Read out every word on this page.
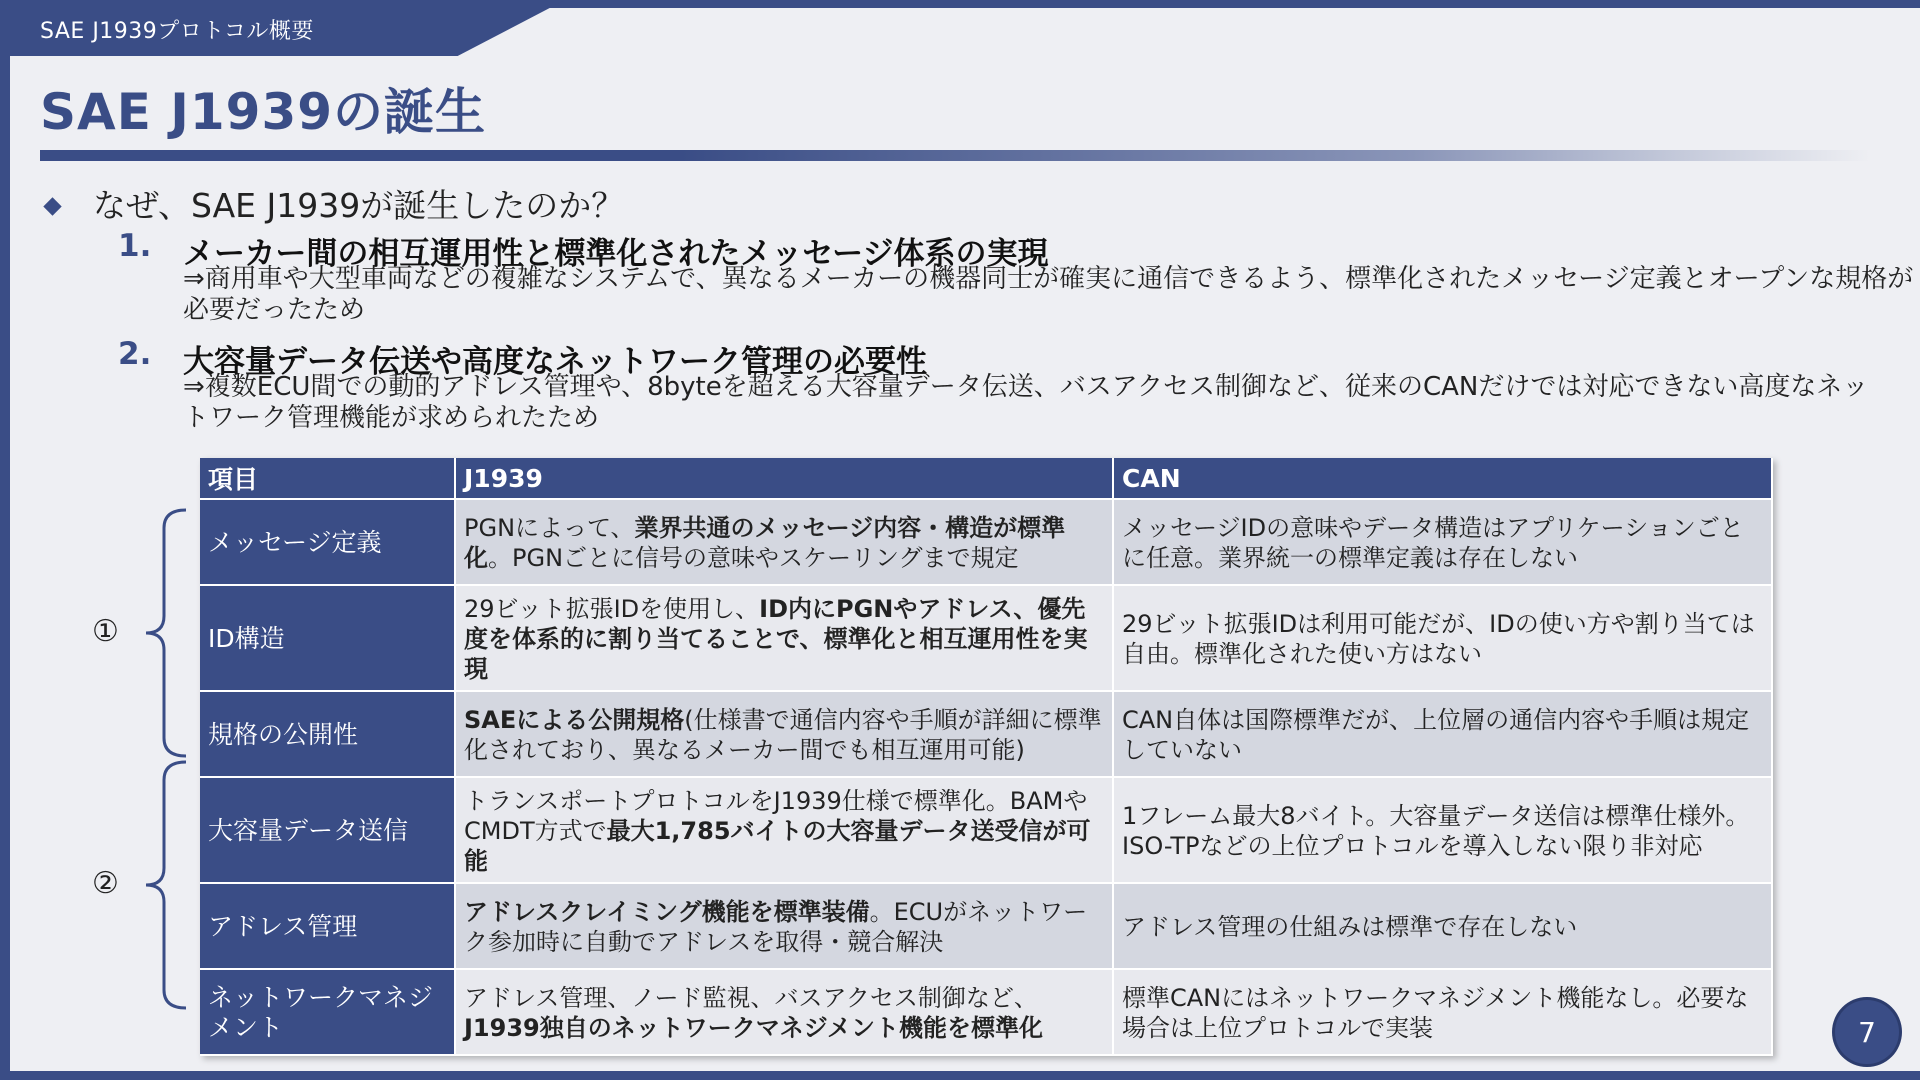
SAE J1939プロトコル概要
SAE J1939の誕生
なぜ、SAE J1939が誕生したのか？
1. メーカー間の相互運用性と標準化されたメッセージ体系の実現
⇒商用車や大型車両などの複雑なシステムで、異なるメーカーの機器同士が確実に通信できるよう、標準化されたメッセージ定義とオープンな規格が必要だったため
2. 大容量データ伝送や高度なネットワーク管理の必要性
⇒複数ECU間での動的アドレス管理や、8byteを超える大容量データ伝送、バスアクセス制御など、従来のCANだけでは対応できない高度なネットワーク管理機能が求められたため
項目	J1939	CAN
メッセージ定義	PGNによって、業界共通のメッセージ内容・構造が標準化。PGNごとに信号の意味やスケーリングまで規定	メッセージIDの意味やデータ構造はアプリケーションごとに任意。業界統一の標準定義は存在しない
ID構造	29ビット拡張IDを使用し、ID内にPGNやアドレス、優先度を体系的に割り当てることで、標準化と相互運用性を実現	29ビット拡張IDは利用可能だが、IDの使い方や割り当ては自由。標準化された使い方はない
規格の公開性	SAEによる公開規格(仕様書で通信内容や手順が詳細に標準化されており、異なるメーカー間でも相互運用可能)	CAN自体は国際標準だが、上位層の通信内容や手順は規定していない
大容量データ送信	トランスポートプロトコルをJ1939仕様で標準化。BAMやCMDT方式で最大1,785バイトの大容量データ送受信が可能	1フレーム最大8バイト。大容量データ送信は標準仕様外。ISO-TPなどの上位プロトコルを導入しない限り非対応
アドレス管理	アドレスクレイミング機能を標準装備。ECUがネットワーク参加時に自動でアドレスを取得・競合解決	アドレス管理の仕組みは標準で存在しない
ネットワークマネジメント	アドレス管理、ノード監視、バスアクセス制御など、J1939独自のネットワークマネジメント機能を標準化	標準CANにはネットワークマネジメント機能なし。必要な場合は上位プロトコルで実装
①
②
7
